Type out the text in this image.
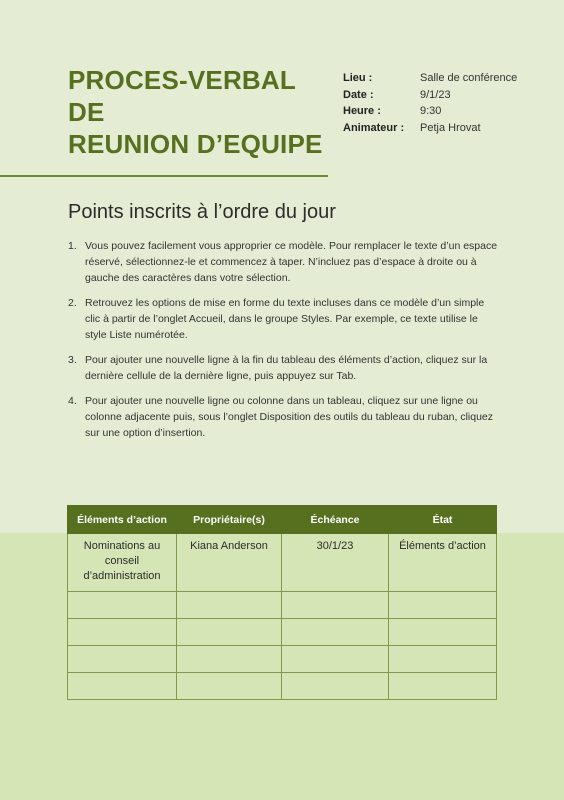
PROCES-VERBAL DE
REUNION D’EQUIPE
Lieu :	Salle de conférence
Date :	9/1/23
Heure :	9:30
Animateur :	Petja Hrovat
Points inscrits à l’ordre du jour
1. Vous pouvez facilement vous approprier ce modèle. Pour remplacer le texte d’un espace réservé, sélectionnez-le et commencez à taper. N’incluez pas d’espace à droite ou à gauche des caractères dans votre sélection.
2. Retrouvez les options de mise en forme du texte incluses dans ce modèle d’un simple clic à partir de l’onglet Accueil, dans le groupe Styles. Par exemple, ce texte utilise le style Liste numérotée.
3. Pour ajouter une nouvelle ligne à la fin du tableau des éléments d’action, cliquez sur la dernière cellule de la dernière ligne, puis appuyez sur Tab.
4. Pour ajouter une nouvelle ligne ou colonne dans un tableau, cliquez sur une ligne ou colonne adjacente puis, sous l’onglet Disposition des outils du tableau du ruban, cliquez sur une option d’insertion.
Éléments d’action	Propriétaire(s)	Échéance	État
Nominations au conseil d’administration	Kiana Anderson	30/1/23	Éléments d’action
